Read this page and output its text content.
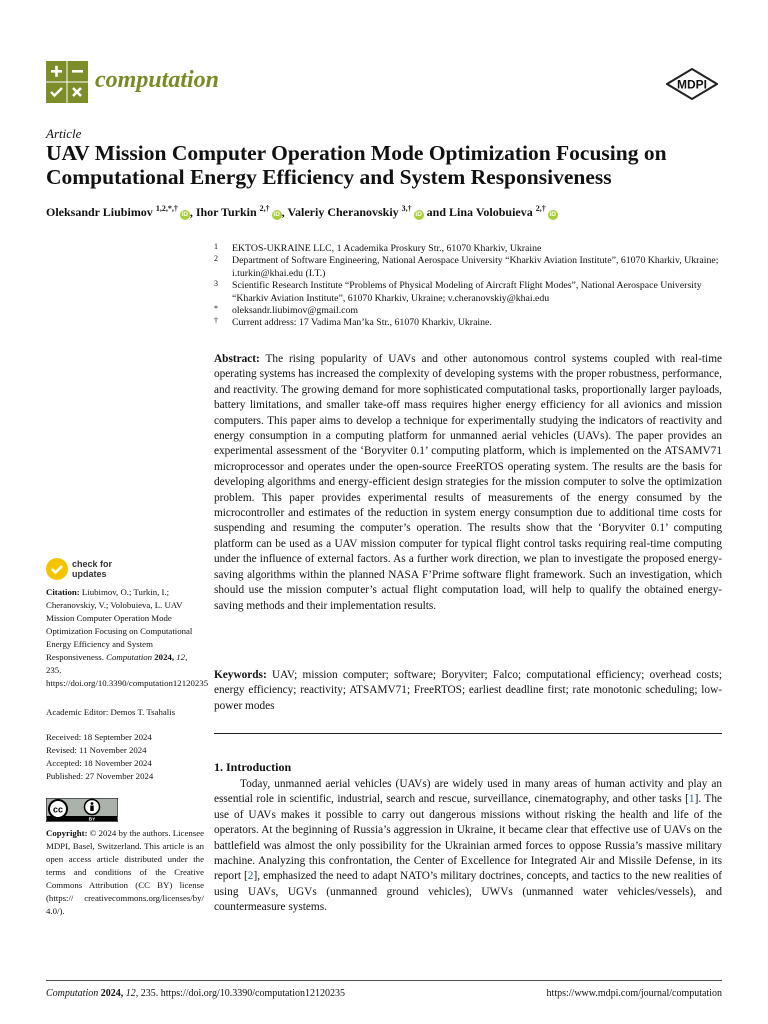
computation	MDPI
Article
UAV Mission Computer Operation Mode Optimization Focusing on Computational Energy Efficiency and System Responsiveness
Oleksandr Liubimov $^{1,2,*,\dagger}$iD , Ihor Turkin $^{2,\dagger}$iD , Valeriy Cheranovskiy $^{3,\dagger}$iD and Lina Volobuieva $^{2,\dagger}$iD
1 EKTOS-UKRAINE LLC, 1 Academika Proskury Str., 61070 Kharkiv, Ukraine
2 Department of Software Engineering, National Aerospace University “Kharkiv Aviation Institute”, 61070 Kharkiv, Ukraine; i.turkin@khai.edu (I.T.)
3 Scientific Research Institute “Problems of Physical Modeling of Aircraft Flight Modes”, National Aerospace University “Kharkiv Aviation Institute”, 61070 Kharkiv, Ukraine; v.cheranovskiy@khai.edu
* oleksandr.liubimov@gmail.com
† Current address: 17 Vadima Man’ka Str., 61070 Kharkiv, Ukraine.
Abstract: The rising popularity of UAVs and other autonomous control systems coupled with real-time operating systems has increased the complexity of developing systems with the proper robustness, performance, and reactivity. The growing demand for more sophisticated computational tasks, proportionally larger payloads, battery limitations, and smaller take-off mass requires higher energy efficiency for all avionics and mission computers. This paper aims to develop a technique for experimentally studying the indicators of reactivity and energy consumption in a computing platform for unmanned aerial vehicles (UAVs). The paper provides an experimental assessment of the ‘Boryviter 0.1’ computing platform, which is implemented on the ATSAMV71 microprocessor and operates under the open-source FreeRTOS operating system. The results are the basis for developing algorithms and energy-efficient design strategies for the mission computer to solve the optimization problem. This paper provides experimental results of measurements of the energy consumed by the microcontroller and estimates of the reduction in system energy consumption due to additional time costs for suspending and resuming the computer’s operation. The results show that the ‘Boryviter 0.1’ computing platform can be used as a UAV mission computer for typical flight control tasks requiring real-time computing under the influence of external factors. As a further work direction, we plan to investigate the proposed energy-saving algorithms within the planned NASA F’Prime software flight framework. Such an investigation, which should use the mission computer’s actual flight computation load, will help to qualify the obtained energy-saving methods and their implementation results.
Keywords: UAV; mission computer; software; Boryviter; Falco; computational efficiency; overhead costs; energy efficiency; reactivity; ATSAMV71; FreeRTOS; earliest deadline first; rate monotonic scheduling; low-power modes
1. Introduction
Today, unmanned aerial vehicles (UAVs) are widely used in many areas of human activity and play an essential role in scientific, industrial, search and rescue, surveillance, cinematography, and other tasks [1]. The use of UAVs makes it possible to carry out dangerous missions without risking the health and life of the operators. At the beginning of Russia’s aggression in Ukraine, it became clear that effective use of UAVs on the battlefield was almost the only possibility for the Ukrainian armed forces to oppose Russia’s massive military machine. Analyzing this confrontation, the Center of Excellence for Integrated Air and Missile Defense, in its report [2], emphasized the need to adapt NATO’s military doctrines, concepts, and tactics to the new realities of using UAVs, UGVs (unmanned ground vehicles), UWVs (unmanned water vehicles/vessels), and countermeasure systems.
check for
updates
Citation: Liubimov, O.; Turkin, I.; Cheranovskiy, V.; Volobuieva, L. UAV Mission Computer Operation Mode Optimization Focusing on Computational Energy Efficiency and System Responsiveness. Computation 2024, 12, 235. https://doi.org/10.3390/computation12120235
Academic Editor: Demos T. Tsahalis
Received: 18 September 2024
Revised: 11 November 2024
Accepted: 18 November 2024
Published: 27 November 2024
cc
BY
Copyright: © 2024 by the authors. Licensee MDPI, Basel, Switzerland. This article is an open access article distributed under the terms and conditions of the Creative Commons Attribution (CC BY) license (https:// creativecommons.org/licenses/by/ 4.0/).
Computation 2024, 12, 235. https://doi.org/10.3390/computation12120235	https://www.mdpi.com/journal/computation
